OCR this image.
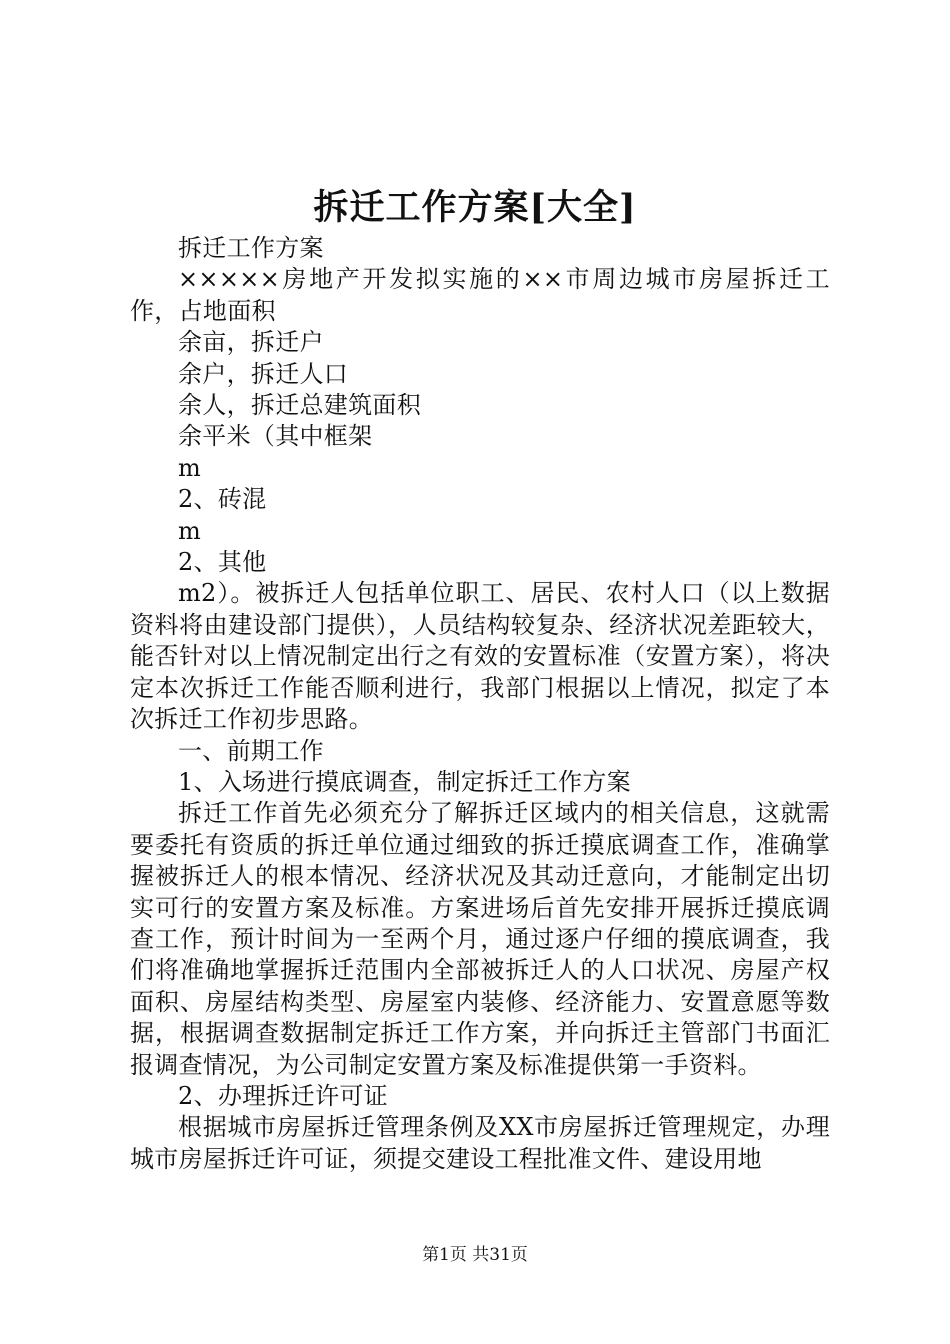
拆迁工作方案[大全]

拆迁工作方案

×××××房地产开发拟实施的××市周边城市房屋拆迁工作，占地面积

余亩，拆迁户

余户，拆迁人口

余人，拆迁总建筑面积

余平米（其中框架

m

2、砖混

m

2、其他

m2）。被拆迁人包括单位职工、居民、农村人口（以上数据资料将由建设部门提供），人员结构较复杂、经济状况差距较大，能否针对以上情况制定出行之有效的安置标准（安置方案），将决定本次拆迁工作能否顺利进行，我部门根据以上情况，拟定了本次拆迁工作初步思路。

一、前期工作

1、入场进行摸底调查，制定拆迁工作方案

拆迁工作首先必须充分了解拆迁区域内的相关信息，这就需要委托有资质的拆迁单位通过细致的拆迁摸底调查工作，准确掌握被拆迁人的根本情况、经济状况及其动迁意向，才能制定出切实可行的安置方案及标准。方案进场后首先安排开展拆迁摸底调查工作，预计时间为一至两个月，通过逐户仔细的摸底调查，我们将准确地掌握拆迁范围内全部被拆迁人的人口状况、房屋产权面积、房屋结构类型、房屋室内装修、经济能力、安置意愿等数据，根据调查数据制定拆迁工作方案，并向拆迁主管部门书面汇报调查情况，为公司制定安置方案及标准提供第一手资料。

2、办理拆迁许可证

根据城市房屋拆迁管理条例及XX市房屋拆迁管理规定，办理城市房屋拆迁许可证，须提交建设工程批准文件、建设用地

第1页 共31页
